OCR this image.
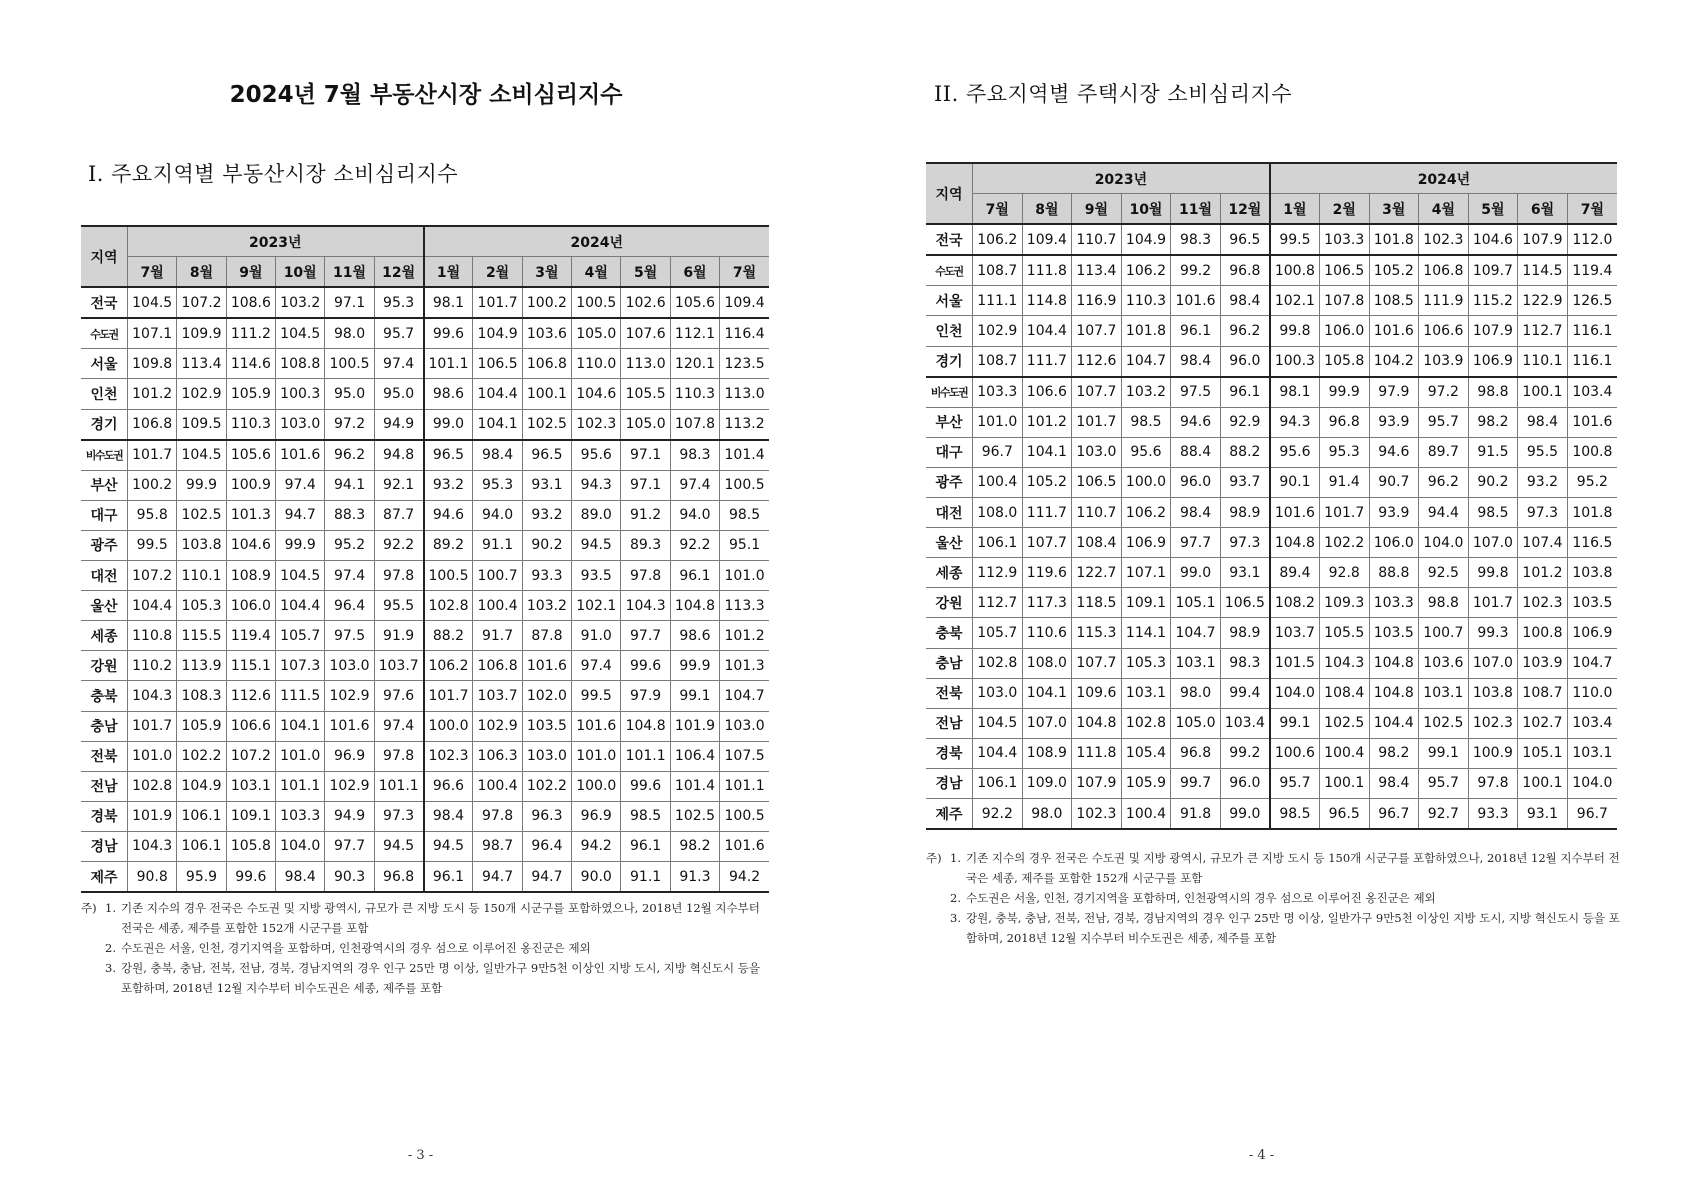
2024년 7월 부동산시장 소비심리지수
I. 주요지역별 부동산시장 소비심리지수
지역	2023년						2024년						
	7월	8월	9월	10월	11월	12월	1월	2월	3월	4월	5월	6월	7월
전국	104.5	107.2	108.6	103.2	97.1	95.3	98.1	101.7	100.2	100.5	102.6	105.6	109.4
수도권	107.1	109.9	111.2	104.5	98.0	95.7	99.6	104.9	103.6	105.0	107.6	112.1	116.4
서울	109.8	113.4	114.6	108.8	100.5	97.4	101.1	106.5	106.8	110.0	113.0	120.1	123.5
인천	101.2	102.9	105.9	100.3	95.0	95.0	98.6	104.4	100.1	104.6	105.5	110.3	113.0
경기	106.8	109.5	110.3	103.0	97.2	94.9	99.0	104.1	102.5	102.3	105.0	107.8	113.2
비수도권	101.7	104.5	105.6	101.6	96.2	94.8	96.5	98.4	96.5	95.6	97.1	98.3	101.4
부산	100.2	99.9	100.9	97.4	94.1	92.1	93.2	95.3	93.1	94.3	97.1	97.4	100.5
대구	95.8	102.5	101.3	94.7	88.3	87.7	94.6	94.0	93.2	89.0	91.2	94.0	98.5
광주	99.5	103.8	104.6	99.9	95.2	92.2	89.2	91.1	90.2	94.5	89.3	92.2	95.1
대전	107.2	110.1	108.9	104.5	97.4	97.8	100.5	100.7	93.3	93.5	97.8	96.1	101.0
울산	104.4	105.3	106.0	104.4	96.4	95.5	102.8	100.4	103.2	102.1	104.3	104.8	113.3
세종	110.8	115.5	119.4	105.7	97.5	91.9	88.2	91.7	87.8	91.0	97.7	98.6	101.2
강원	110.2	113.9	115.1	107.3	103.0	103.7	106.2	106.8	101.6	97.4	99.6	99.9	101.3
충북	104.3	108.3	112.6	111.5	102.9	97.6	101.7	103.7	102.0	99.5	97.9	99.1	104.7
충남	101.7	105.9	106.6	104.1	101.6	97.4	100.0	102.9	103.5	101.6	104.8	101.9	103.0
전북	101.0	102.2	107.2	101.0	96.9	97.8	102.3	106.3	103.0	101.0	101.1	106.4	107.5
전남	102.8	104.9	103.1	101.1	102.9	101.1	96.6	100.4	102.2	100.0	99.6	101.4	101.1
경북	101.9	106.1	109.1	103.3	94.9	97.3	98.4	97.8	96.3	96.9	98.5	102.5	100.5
경남	104.3	106.1	105.8	104.0	97.7	94.5	94.5	98.7	96.4	94.2	96.1	98.2	101.6
제주	90.8	95.9	99.6	98.4	90.3	96.8	96.1	94.7	94.7	90.0	91.1	91.3	94.2
주) 1. 기존 지수의 경우 전국은 수도권 및 지방 광역시, 규모가 큰 지방 도시 등 150개 시군구를 포함하였으나, 2018년 12월 지수부터 전국은 세종, 제주를 포함한 152개 시군구를 포함
2. 수도권은 서울, 인천, 경기지역을 포함하며, 인천광역시의 경우 섬으로 이루어진 옹진군은 제외
3. 강원, 충북, 충남, 전북, 전남, 경북, 경남지역의 경우 인구 25만 명 이상, 일반가구 9만5천 이상인 지방 도시, 지방 혁신도시 등을 포함하며, 2018년 12월 지수부터 비수도권은 세종, 제주를 포함
- 3 -
II. 주요지역별 주택시장 소비심리지수
지역	2023년						2024년						
	7월	8월	9월	10월	11월	12월	1월	2월	3월	4월	5월	6월	7월
전국	106.2	109.4	110.7	104.9	98.3	96.5	99.5	103.3	101.8	102.3	104.6	107.9	112.0
수도권	108.7	111.8	113.4	106.2	99.2	96.8	100.8	106.5	105.2	106.8	109.7	114.5	119.4
서울	111.1	114.8	116.9	110.3	101.6	98.4	102.1	107.8	108.5	111.9	115.2	122.9	126.5
인천	102.9	104.4	107.7	101.8	96.1	96.2	99.8	106.0	101.6	106.6	107.9	112.7	116.1
경기	108.7	111.7	112.6	104.7	98.4	96.0	100.3	105.8	104.2	103.9	106.9	110.1	116.1
비수도권	103.3	106.6	107.7	103.2	97.5	96.1	98.1	99.9	97.9	97.2	98.8	100.1	103.4
부산	101.0	101.2	101.7	98.5	94.6	92.9	94.3	96.8	93.9	95.7	98.2	98.4	101.6
대구	96.7	104.1	103.0	95.6	88.4	88.2	95.6	95.3	94.6	89.7	91.5	95.5	100.8
광주	100.4	105.2	106.5	100.0	96.0	93.7	90.1	91.4	90.7	96.2	90.2	93.2	95.2
대전	108.0	111.7	110.7	106.2	98.4	98.9	101.6	101.7	93.9	94.4	98.5	97.3	101.8
울산	106.1	107.7	108.4	106.9	97.7	97.3	104.8	102.2	106.0	104.0	107.0	107.4	116.5
세종	112.9	119.6	122.7	107.1	99.0	93.1	89.4	92.8	88.8	92.5	99.8	101.2	103.8
강원	112.7	117.3	118.5	109.1	105.1	106.5	108.2	109.3	103.3	98.8	101.7	102.3	103.5
충북	105.7	110.6	115.3	114.1	104.7	98.9	103.7	105.5	103.5	100.7	99.3	100.8	106.9
충남	102.8	108.0	107.7	105.3	103.1	98.3	101.5	104.3	104.8	103.6	107.0	103.9	104.7
전북	103.0	104.1	109.6	103.1	98.0	99.4	104.0	108.4	104.8	103.1	103.8	108.7	110.0
전남	104.5	107.0	104.8	102.8	105.0	103.4	99.1	102.5	104.4	102.5	102.3	102.7	103.4
경북	104.4	108.9	111.8	105.4	96.8	99.2	100.6	100.4	98.2	99.1	100.9	105.1	103.1
경남	106.1	109.0	107.9	105.9	99.7	96.0	95.7	100.1	98.4	95.7	97.8	100.1	104.0
제주	92.2	98.0	102.3	100.4	91.8	99.0	98.5	96.5	96.7	92.7	93.3	93.1	96.7
주) 1. 기존 지수의 경우 전국은 수도권 및 지방 광역시, 규모가 큰 지방 도시 등 150개 시군구를 포함하였으나, 2018년 12월 지수부터 전국은 세종, 제주를 포함한 152개 시군구를 포함
2. 수도권은 서울, 인천, 경기지역을 포함하며, 인천광역시의 경우 섬으로 이루어진 옹진군은 제외
3. 강원, 충북, 충남, 전북, 전남, 경북, 경남지역의 경우 인구 25만 명 이상, 일반가구 9만5천 이상인 지방 도시, 지방 혁신도시 등을 포함하며, 2018년 12월 지수부터 비수도권은 세종, 제주를 포함
- 4 -
